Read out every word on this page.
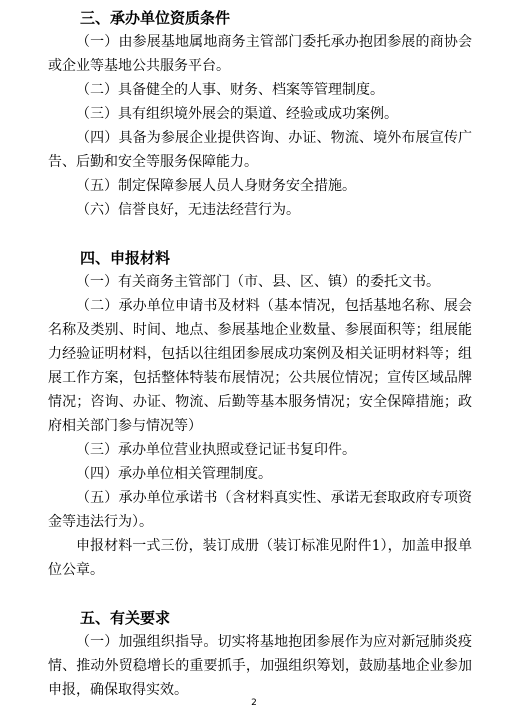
三、承办单位资质条件

（一）由参展基地属地商务主管部门委托承办抱团参展的商协会或企业等基地公共服务平台。

（二）具备健全的人事、财务、档案等管理制度。

（三）具有组织境外展会的渠道、经验或成功案例。

（四）具备为参展企业提供咨询、办证、物流、境外布展宣传广告、后勤和安全等服务保障能力。

（五）制定保障参展人员人身财务安全措施。

（六）信誉良好，无违法经营行为。

四、申报材料

（一）有关商务主管部门（市、县、区、镇）的委托文书。

（二）承办单位申请书及材料（基本情况，包括基地名称、展会名称及类别、时间、地点、参展基地企业数量、参展面积等；组展能力经验证明材料，包括以往组团参展成功案例及相关证明材料等；组展工作方案，包括整体特装布展情况；公共展位情况；宣传区域品牌情况；咨询、办证、物流、后勤等基本服务情况；安全保障措施；政府相关部门参与情况等）

（三）承办单位营业执照或登记证书复印件。

（四）承办单位相关管理制度。

（五）承办单位承诺书（含材料真实性、承诺无套取政府专项资金等违法行为）。

申报材料一式三份，装订成册（装订标准见附件1），加盖申报单位公章。

五、有关要求

（一）加强组织指导。切实将基地抱团参展作为应对新冠肺炎疫情、推动外贸稳增长的重要抓手，加强组织筹划，鼓励基地企业参加申报，确保取得实效。

2
